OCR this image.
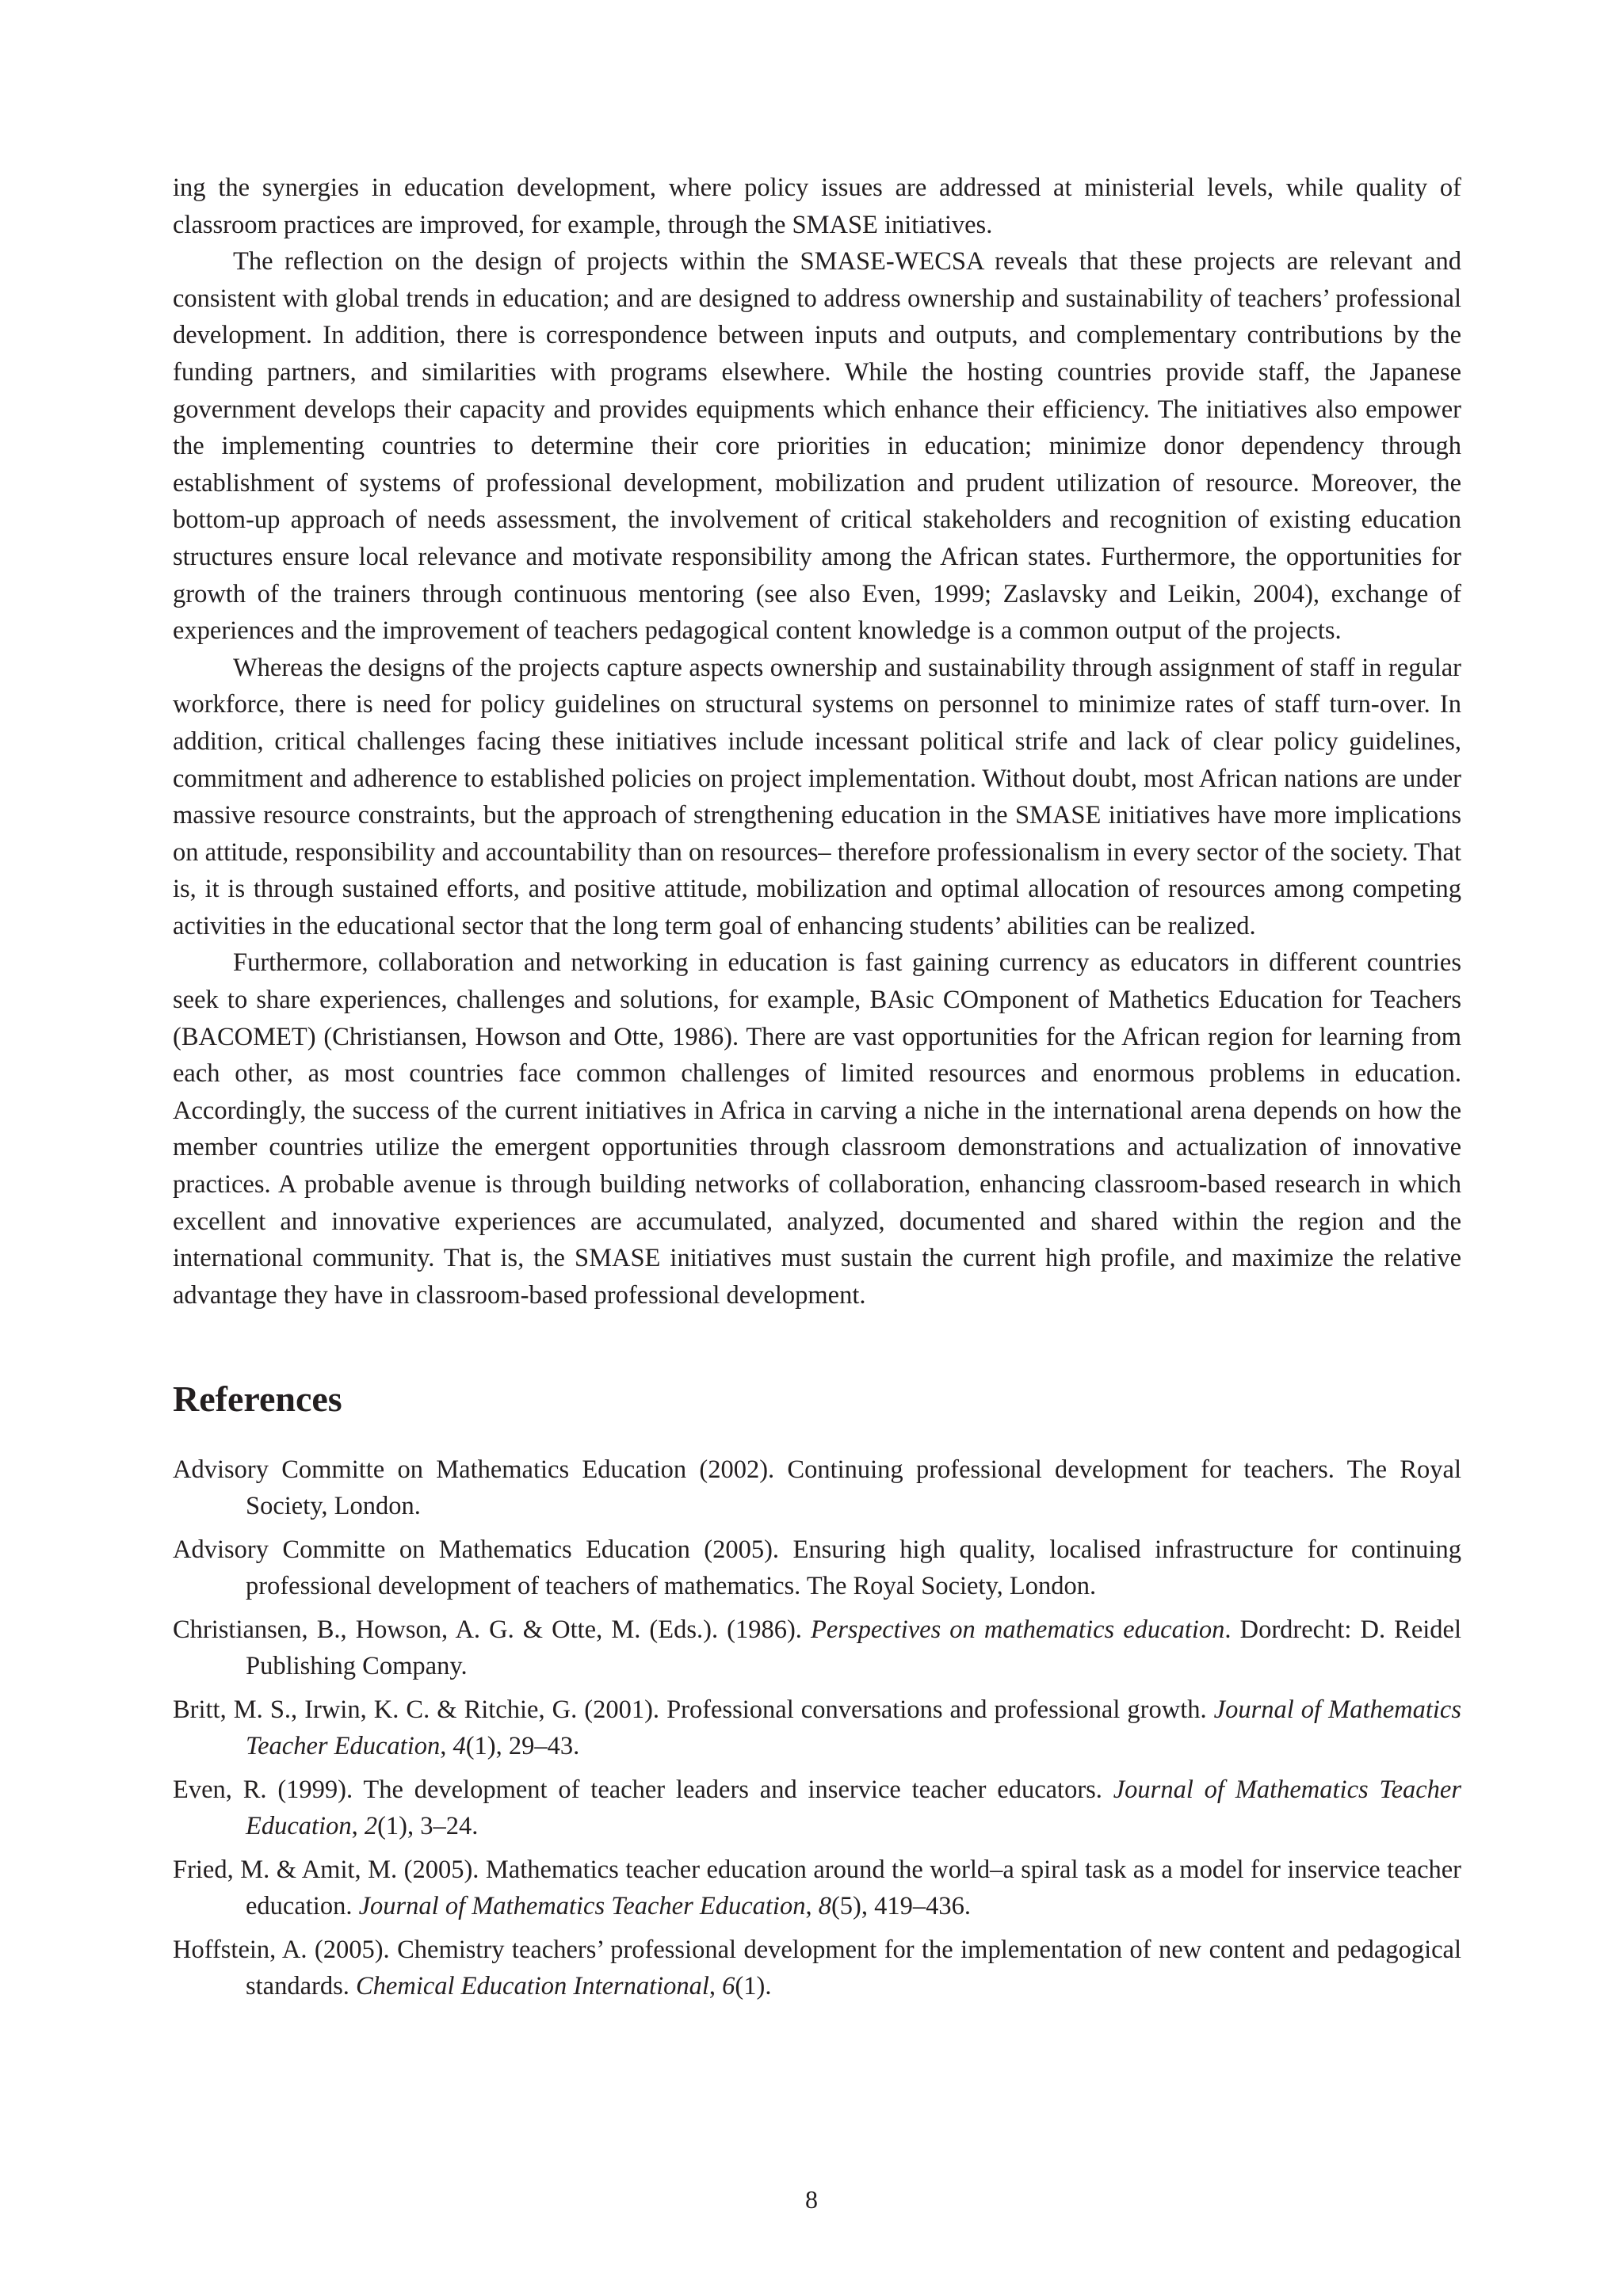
ing the synergies in education development, where policy issues are addressed at ministerial levels, while quality of classroom practices are improved, for example, through the SMASE initiatives.

The reflection on the design of projects within the SMASE-WECSA reveals that these projects are relevant and consistent with global trends in education; and are designed to address ownership and sustainability of teachers’ professional development. In addition, there is correspondence between inputs and outputs, and complementary contributions by the funding partners, and similarities with programs elsewhere. While the hosting countries provide staff, the Japanese government develops their capacity and provides equipments which enhance their efficiency. The initiatives also empower the implementing countries to determine their core priorities in education; minimize donor dependency through establishment of systems of professional development, mobilization and prudent utilization of resource. Moreover, the bottom-up approach of needs assessment, the involvement of critical stakeholders and recognition of existing education structures ensure local relevance and motivate responsibility among the African states. Furthermore, the opportunities for growth of the trainers through continuous mentoring (see also Even, 1999; Zaslavsky and Leikin, 2004), exchange of experiences and the improvement of teachers pedagogical content knowledge is a common output of the projects.

Whereas the designs of the projects capture aspects ownership and sustainability through assignment of staff in regular workforce, there is need for policy guidelines on structural systems on personnel to minimize rates of staff turn-over. In addition, critical challenges facing these initiatives include incessant political strife and lack of clear policy guidelines, commitment and adherence to established policies on project implementation. Without doubt, most African nations are under massive resource constraints, but the approach of strengthening education in the SMASE initiatives have more implications on attitude, responsibility and accountability than on resources– therefore professionalism in every sector of the society. That is, it is through sustained efforts, and positive attitude, mobilization and optimal allocation of resources among competing activities in the educational sector that the long term goal of enhancing students’ abilities can be realized.

Furthermore, collaboration and networking in education is fast gaining currency as educators in different countries seek to share experiences, challenges and solutions, for example, BAsic COmponent of Mathetics Education for Teachers (BACOMET) (Christiansen, Howson and Otte, 1986). There are vast opportunities for the African region for learning from each other, as most countries face common challenges of limited resources and enormous problems in education. Accordingly, the success of the current initiatives in Africa in carving a niche in the international arena depends on how the member countries utilize the emergent opportunities through classroom demonstrations and actualization of innovative practices. A probable avenue is through building networks of collaboration, enhancing classroom-based research in which excellent and innovative experiences are accumulated, analyzed, documented and shared within the region and the international community. That is, the SMASE initiatives must sustain the current high profile, and maximize the relative advantage they have in classroom-based professional development.

References

Advisory Committe on Mathematics Education (2002). Continuing professional development for teachers. The Royal Society, London.

Advisory Committe on Mathematics Education (2005). Ensuring high quality, localised infrastructure for continuing professional development of teachers of mathematics. The Royal Society, London.

Christiansen, B., Howson, A. G. & Otte, M. (Eds.). (1986). Perspectives on mathematics education. Dordrecht: D. Reidel Publishing Company.

Britt, M. S., Irwin, K. C. & Ritchie, G. (2001). Professional conversations and professional growth. Journal of Mathematics Teacher Education, 4(1), 29–43.

Even, R. (1999). The development of teacher leaders and inservice teacher educators. Journal of Mathematics Teacher Education, 2(1), 3–24.

Fried, M. & Amit, M. (2005). Mathematics teacher education around the world–a spiral task as a model for inservice teacher education. Journal of Mathematics Teacher Education, 8(5), 419–436.

Hoffstein, A. (2005). Chemistry teachers’ professional development for the implementation of new content and pedagogical standards. Chemical Education International, 6(1).

8
